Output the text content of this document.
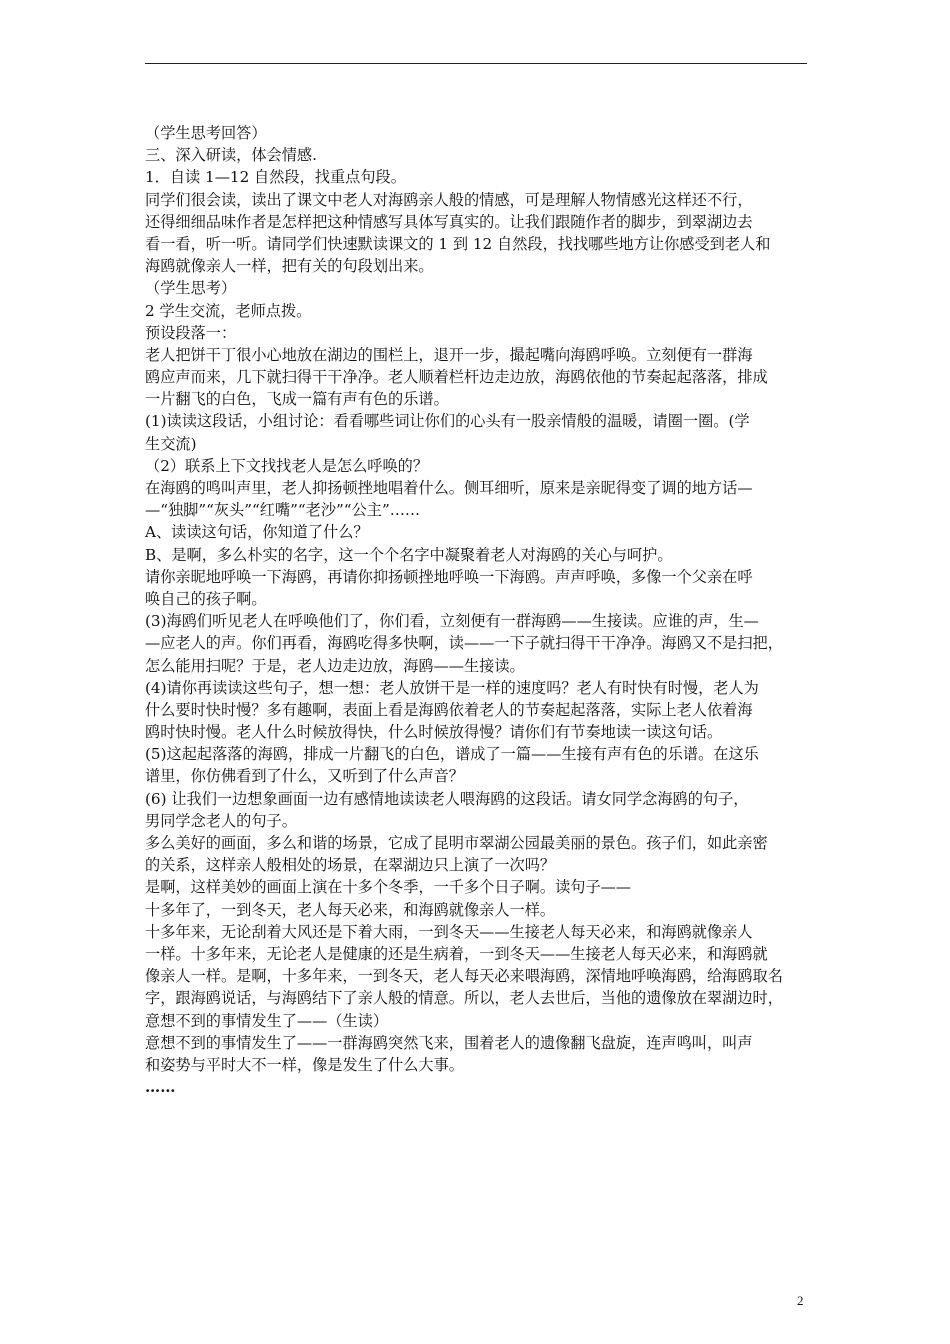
（学生思考回答）
三、深入研读，体会情感.
1．自读 1—12 自然段，找重点句段。
同学们很会读，读出了课文中老人对海鸥亲人般的情感，可是理解人物情感光这样还不行，
还得细细品味作者是怎样把这种情感写具体写真实的。让我们跟随作者的脚步，到翠湖边去
看一看，听一听。请同学们快速默读课文的 1 到 12 自然段，找找哪些地方让你感受到老人和
海鸥就像亲人一样，把有关的句段划出来。
（学生思考）
2 学生交流，老师点拨。
预设段落一：
老人把饼干丁很小心地放在湖边的围栏上，退开一步，撮起嘴向海鸥呼唤。立刻便有一群海
鸥应声而来，几下就扫得干干净净。老人顺着栏杆边走边放，海鸥依他的节奏起起落落，排成
一片翻飞的白色，飞成一篇有声有色的乐谱。
(1)读读这段话，小组讨论：看看哪些词让你们的心头有一股亲情般的温暖，请圈一圈。(学
生交流)
（2）联系上下文找找老人是怎么呼唤的？
在海鸥的鸣叫声里，老人抑扬顿挫地唱着什么。侧耳细听，原来是亲昵得变了调的地方话—
—“独脚”“灰头”“红嘴”“老沙”“公主”……
A、读读这句话，你知道了什么？
B、是啊，多么朴实的名字，这一个个名字中凝聚着老人对海鸥的关心与呵护。
请你亲昵地呼唤一下海鸥，再请你抑扬顿挫地呼唤一下海鸥。声声呼唤，多像一个父亲在呼
唤自己的孩子啊。
(3)海鸥们听见老人在呼唤他们了，你们看，立刻便有一群海鸥——生接读。应谁的声，生—
—应老人的声。你们再看，海鸥吃得多快啊，读——一下子就扫得干干净净。海鸥又不是扫把，
怎么能用扫呢？于是，老人边走边放，海鸥——生接读。
(4)请你再读读这些句子，想一想：老人放饼干是一样的速度吗？老人有时快有时慢，老人为
什么要时快时慢？多有趣啊，表面上看是海鸥依着老人的节奏起起落落，实际上老人依着海
鸥时快时慢。老人什么时候放得快，什么时候放得慢？请你们有节奏地读一读这句话。
(5)这起起落落的海鸥，排成一片翻飞的白色，谱成了一篇——生接有声有色的乐谱。在这乐
谱里，你仿佛看到了什么，又听到了什么声音？
(6) 让我们一边想象画面一边有感情地读读老人喂海鸥的这段话。请女同学念海鸥的句子，
男同学念老人的句子。
多么美好的画面，多么和谐的场景，它成了昆明市翠湖公园最美丽的景色。孩子们，如此亲密
的关系，这样亲人般相处的场景，在翠湖边只上演了一次吗？
是啊，这样美妙的画面上演在十多个冬季，一千多个日子啊。读句子——
十多年了，一到冬天，老人每天必来，和海鸥就像亲人一样。
十多年来，无论刮着大风还是下着大雨，一到冬天——生接老人每天必来，和海鸥就像亲人
一样。十多年来，无论老人是健康的还是生病着，一到冬天——生接老人每天必来，和海鸥就
像亲人一样。是啊，十多年来，一到冬天，老人每天必来喂海鸥，深情地呼唤海鸥，给海鸥取名
字，跟海鸥说话，与海鸥结下了亲人般的情意。所以，老人去世后，当他的遗像放在翠湖边时，
意想不到的事情发生了——（生读）
意想不到的事情发生了——一群海鸥突然飞来，围着老人的遗像翻飞盘旋，连声鸣叫，叫声
和姿势与平时大不一样，像是发生了什么大事。
……
2
